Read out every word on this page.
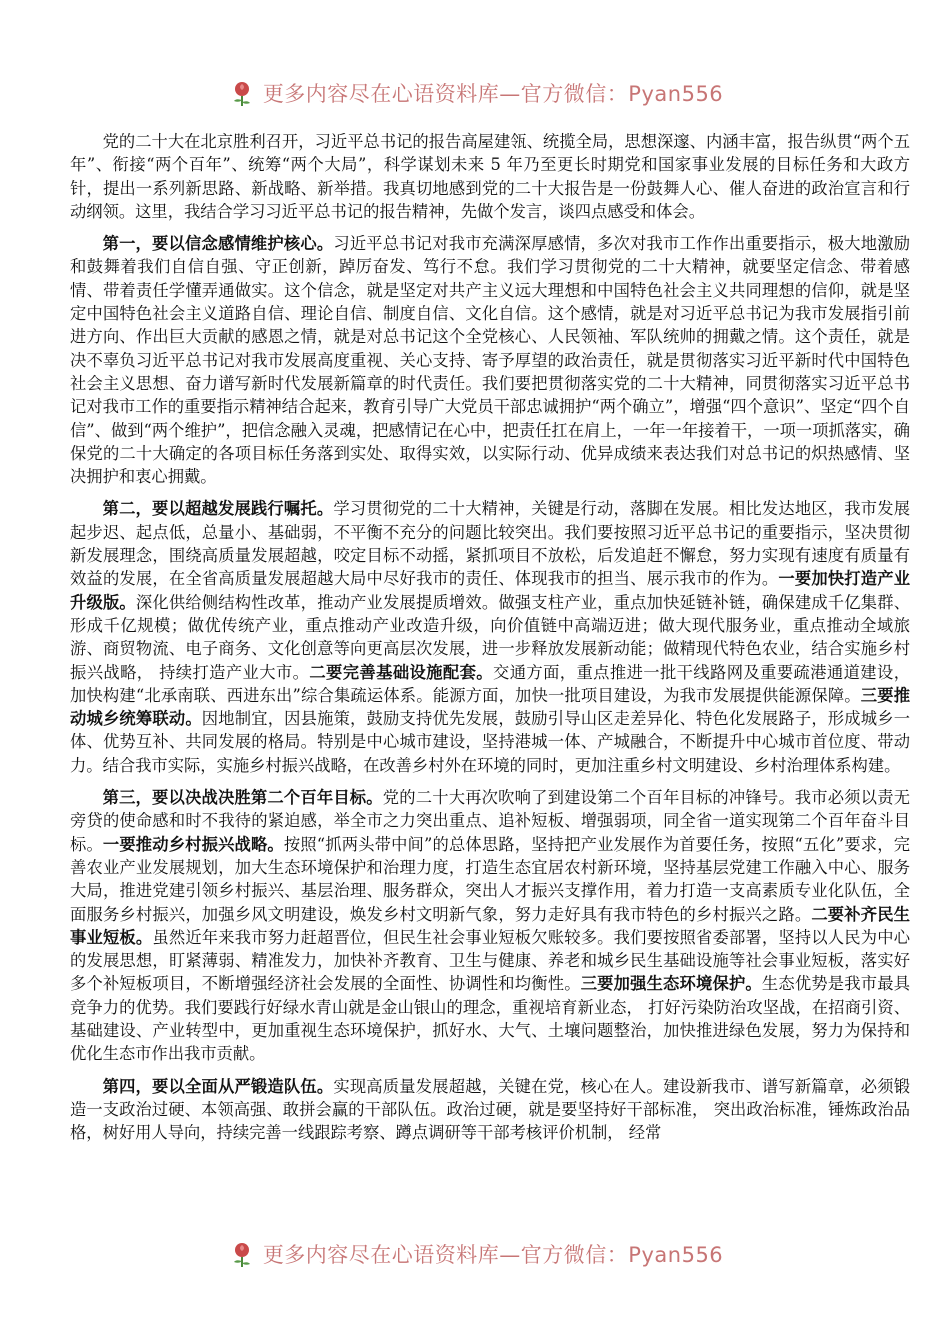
更多内容尽在心语资料库—官方微信：Pyan556

党的二十大在北京胜利召开，习近平总书记的报告高屋建瓴、统揽全局，思想深邃、内涵丰富，报告纵贯“两个五年”、衔接“两个百年”、统筹“两个大局”，科学谋划未来 5 年乃至更长时期党和国家事业发展的目标任务和大政方针，提出一系列新思路、新战略、新举措。我真切地感到党的二十大报告是一份鼓舞人心、催人奋进的政治宣言和行动纲领。这里，我结合学习习近平总书记的报告精神，先做个发言，谈四点感受和体会。

第一，要以信念感情维护核心。习近平总书记对我市充满深厚感情，多次对我市工作作出重要指示，极大地激励和鼓舞着我们自信自强、守正创新，踔厉奋发、笃行不怠。我们学习贯彻党的二十大精神，就要坚定信念、带着感情、带着责任学懂弄通做实。这个信念，就是坚定对共产主义远大理想和中国特色社会主义共同理想的信仰，就是坚定中国特色社会主义道路自信、理论自信、制度自信、文化自信。这个感情，就是对习近平总书记为我市发展指引前进方向、作出巨大贡献的感恩之情，就是对总书记这个全党核心、人民领袖、军队统帅的拥戴之情。这个责任，就是决不辜负习近平总书记对我市发展高度重视、关心支持、寄予厚望的政治责任，就是贯彻落实习近平新时代中国特色社会主义思想、奋力谱写新时代发展新篇章的时代责任。我们要把贯彻落实党的二十大精神，同贯彻落实习近平总书记对我市工作的重要指示精神结合起来，教育引导广大党员干部忠诚拥护“两个确立”，增强“四个意识”、坚定“四个自信”、做到“两个维护”，把信念融入灵魂，把感情记在心中，把责任扛在肩上，一年一年接着干，一项一项抓落实，确保党的二十大确定的各项目标任务落到实处、取得实效，以实际行动、优异成绩来表达我们对总书记的炽热感情、坚决拥护和衷心拥戴。

第二，要以超越发展践行嘱托。学习贯彻党的二十大精神，关键是行动，落脚在发展。相比发达地区，我市发展起步迟、起点低，总量小、基础弱，不平衡不充分的问题比较突出。我们要按照习近平总书记的重要指示，坚决贯彻新发展理念，围绕高质量发展超越，咬定目标不动摇，紧抓项目不放松，后发追赶不懈怠，努力实现有速度有质量有效益的发展，在全省高质量发展超越大局中尽好我市的责任、体现我市的担当、展示我市的作为。一要加快打造产业升级版。深化供给侧结构性改革，推动产业发展提质增效。做强支柱产业，重点加快延链补链，确保建成千亿集群、形成千亿规模；做优传统产业，重点推动产业改造升级，向价值链中高端迈进；做大现代服务业，重点推动全域旅游、商贸物流、电子商务、文化创意等向更高层次发展，进一步释放发展新动能；做精现代特色农业，结合实施乡村振兴战略， 持续打造产业大市。二要完善基础设施配套。交通方面，重点推进一批干线路网及重要疏港通道建设， 加快构建“北承南联、西进东出”综合集疏运体系。能源方面，加快一批项目建设，为我市发展提供能源保障。三要推动城乡统筹联动。因地制宜，因县施策，鼓励支持优先发展，鼓励引导山区走差异化、特色化发展路子，形成城乡一体、优势互补、共同发展的格局。特别是中心城市建设，坚持港城一体、产城融合，不断提升中心城市首位度、带动力。结合我市实际，实施乡村振兴战略，在改善乡村外在环境的同时，更加注重乡村文明建设、乡村治理体系构建。

第三，要以决战决胜第二个百年目标。党的二十大再次吹响了到建设第二个百年目标的冲锋号。我市必须以责无旁贷的使命感和时不我待的紧迫感，举全市之力突出重点、追补短板、增强弱项，同全省一道实现第二个百年奋斗目标。一要推动乡村振兴战略。按照“抓两头带中间”的总体思路，坚持把产业发展作为首要任务，按照“五化”要求，完善农业产业发展规划，加大生态环境保护和治理力度，打造生态宜居农村新环境，坚持基层党建工作融入中心、服务大局，推进党建引领乡村振兴、基层治理、服务群众，突出人才振兴支撑作用，着力打造一支高素质专业化队伍，全面服务乡村振兴，加强乡风文明建设，焕发乡村文明新气象，努力走好具有我市特色的乡村振兴之路。二要补齐民生事业短板。虽然近年来我市努力赶超晋位，但民生社会事业短板欠账较多。我们要按照省委部署，坚持以人民为中心的发展思想，盯紧薄弱、精准发力，加快补齐教育、卫生与健康、养老和城乡民生基础设施等社会事业短板，落实好多个补短板项目，不断增强经济社会发展的全面性、协调性和均衡性。三要加强生态环境保护。生态优势是我市最具竞争力的优势。我们要践行好绿水青山就是金山银山的理念，重视培育新业态， 打好污染防治攻坚战，在招商引资、基础建设、产业转型中，更加重视生态环境保护，抓好水、大气、土壤问题整治，加快推进绿色发展，努力为保持和优化生态市作出我市贡献。

第四，要以全面从严锻造队伍。实现高质量发展超越，关键在党，核心在人。建设新我市、谱写新篇章，必须锻造一支政治过硬、本领高强、敢拼会赢的干部队伍。政治过硬，就是要坚持好干部标准， 突出政治标准，锤炼政治品格，树好用人导向，持续完善一线跟踪考察、蹲点调研等干部考核评价机制， 经常

更多内容尽在心语资料库—官方微信：Pyan556
